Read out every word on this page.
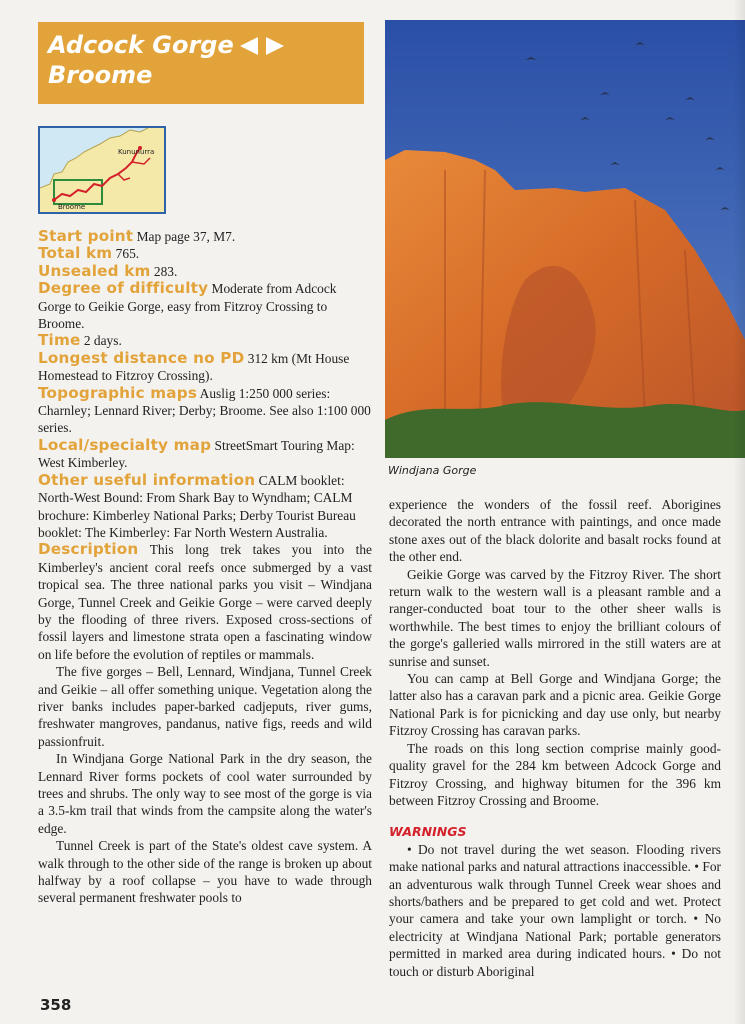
Adcock Gorge

Broome
Kununurra
Broome

Start point Map page 37, M7.

Total km 765.

Unsealed km 283.

Degree of difficulty Moderate from Adcock Gorge to Geikie Gorge, easy from Fitzroy Crossing to Broome.

Time 2 days.

Longest distance no PD 312 km (Mt House Homestead to Fitzroy Crossing).

Topographic maps Auslig 1:250 000 series: Charnley; Lennard River; Derby; Broome. See also 1:100 000 series.

Local/specialty map StreetSmart Touring Map: West Kimberley.

Other useful information CALM booklet: North-West Bound: From Shark Bay to Wyndham; CALM brochure: Kimberley National Parks; Derby Tourist Bureau booklet: The Kimberley: Far North Western Australia.

Description This long trek takes you into the Kimberley's ancient coral reefs once submerged by a vast tropical sea. The three national parks you visit – Windjana Gorge, Tunnel Creek and Geikie Gorge – were carved deeply by the flooding of three rivers. Exposed cross-sections of fossil layers and limestone strata open a fascinating window on life before the evolution of reptiles or mammals.

The five gorges – Bell, Lennard, Windjana, Tunnel Creek and Geikie – all offer something unique. Vegetation along the river banks includes paper-barked cadjeputs, river gums, freshwater mangroves, pandanus, native figs, reeds and wild passionfruit.

In Windjana Gorge National Park in the dry season, the Lennard River forms pockets of cool water surrounded by trees and shrubs. The only way to see most of the gorge is via a 3.5-km trail that winds from the campsite along the water's edge.

Tunnel Creek is part of the State's oldest cave system. A walk through to the other side of the range is broken up about halfway by a roof collapse – you have to wade through several permanent freshwater pools to

Windjana Gorge

experience the wonders of the fossil reef. Aborigines decorated the north entrance with paintings, and once made stone axes out of the black dolorite and basalt rocks found at the other end.

Geikie Gorge was carved by the Fitzroy River. The short return walk to the western wall is a pleasant ramble and a ranger-conducted boat tour to the other sheer walls is worthwhile. The best times to enjoy the brilliant colours of the gorge's galleried walls mirrored in the still waters are at sunrise and sunset.

You can camp at Bell Gorge and Windjana Gorge; the latter also has a caravan park and a picnic area. Geikie Gorge National Park is for picnicking and day use only, but nearby Fitzroy Crossing has caravan parks.

The roads on this long section comprise mainly good-quality gravel for the 284 km between Adcock Gorge and Fitzroy Crossing, and highway bitumen for the 396 km between Fitzroy Crossing and Broome.

WARNINGS

• Do not travel during the wet season. Flooding rivers make national parks and natural attractions inaccessible. • For an adventurous walk through Tunnel Creek wear shoes and shorts/bathers and be prepared to get cold and wet. Protect your camera and take your own lamplight or torch. • No electricity at Windjana National Park; portable generators permitted in marked area during indicated hours. • Do not touch or disturb Aboriginal

358
